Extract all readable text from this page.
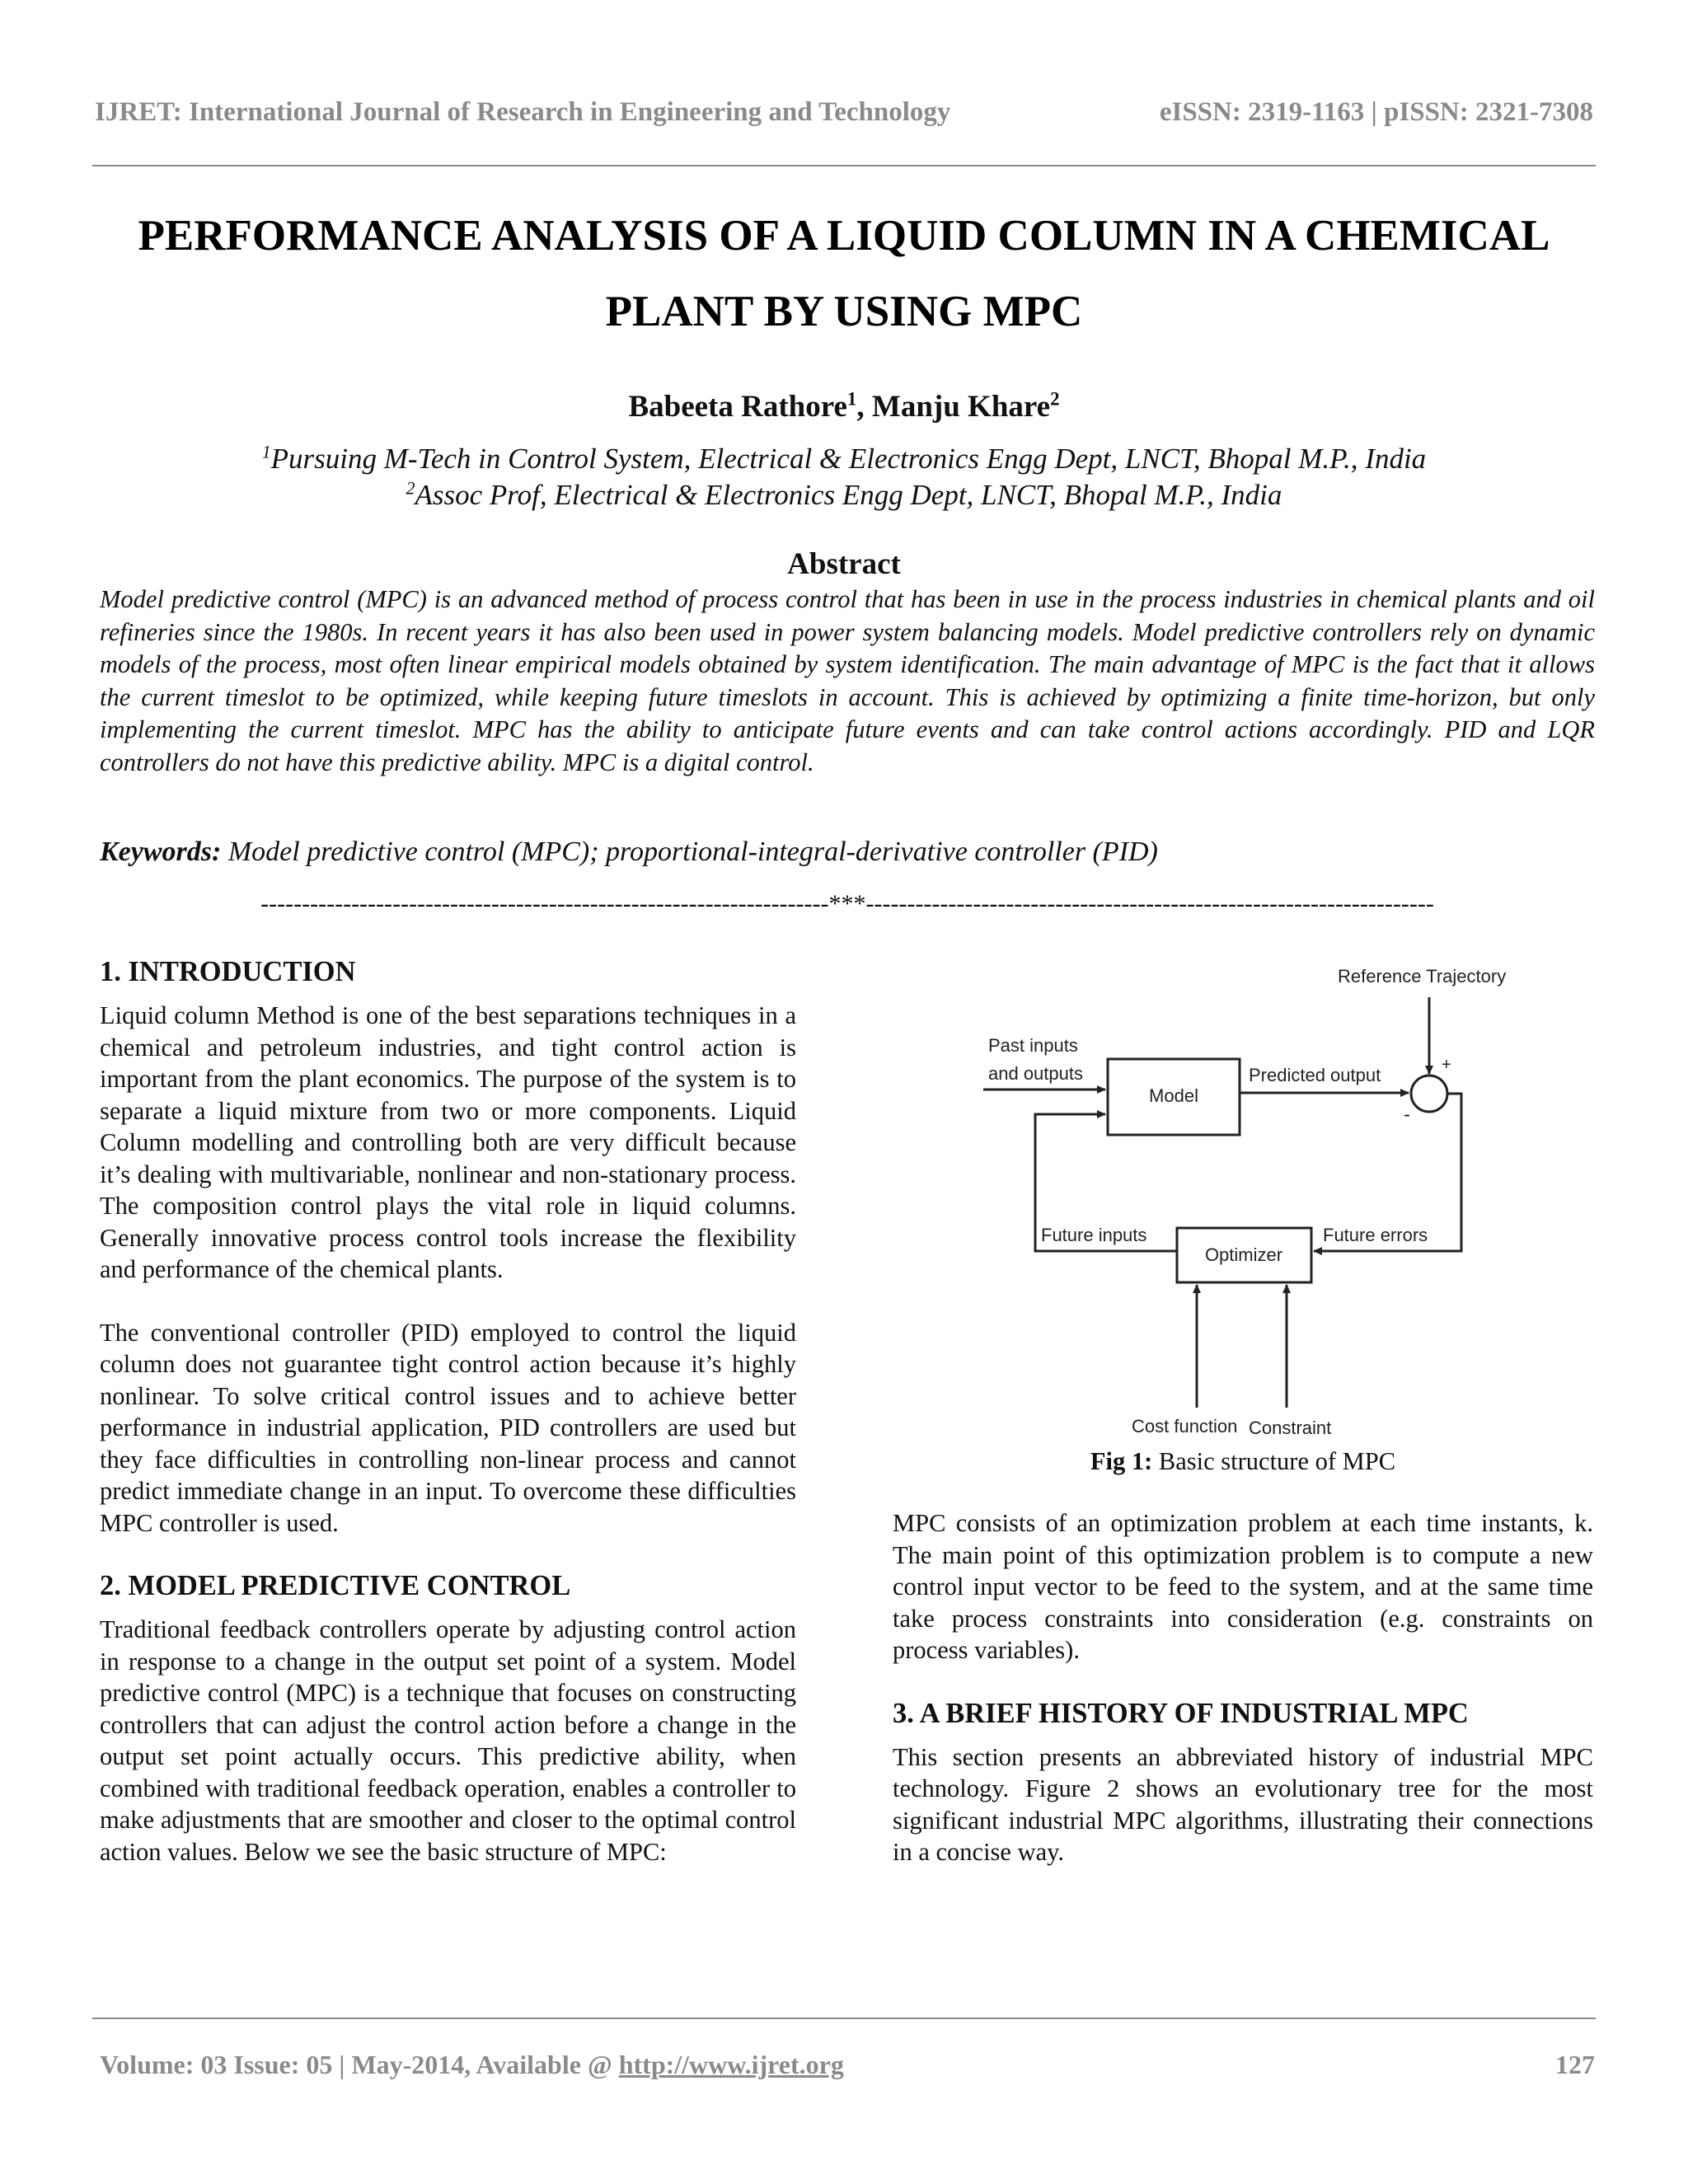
IJRET: International Journal of Research in Engineering and Technology	eISSN: 2319-1163 | pISSN: 2321-7308
PERFORMANCE ANALYSIS OF A LIQUID COLUMN IN A CHEMICAL
PLANT BY USING MPC
Babeeta Rathore$^1$, Manju Khare$^2$
$^1$Pursuing M-Tech in Control System, Electrical & Electronics Engg Dept, LNCT, Bhopal M.P., India
$^2$Assoc Prof, Electrical & Electronics Engg Dept, LNCT, Bhopal M.P., India
Abstract
Model predictive control (MPC) is an advanced method of process control that has been in use in the process industries in chemical plants and oil refineries since the 1980s. In recent years it has also been used in power system balancing models. Model predictive controllers rely on dynamic models of the process, most often linear empirical models obtained by system identification. The main advantage of MPC is the fact that it allows the current timeslot to be optimized, while keeping future timeslots in account. This is achieved by optimizing a finite time-horizon, but only implementing the current timeslot. MPC has the ability to anticipate future events and can take control actions accordingly. PID and LQR controllers do not have this predictive ability. MPC is a digital control.
Keywords: Model predictive control (MPC); proportional-integral-derivative controller (PID)
---------------------------------------------------------------------***---------------------------------------------------------------------
1. INTRODUCTION

Liquid column Method is one of the best separations techniques in a chemical and petroleum industries, and tight control action is important from the plant economics. The purpose of the system is to separate a liquid mixture from two or more components. Liquid Column modelling and controlling both are very difficult because it’s dealing with multivariable, nonlinear and non-stationary process. The composition control plays the vital role in liquid columns. Generally innovative process control tools increase the flexibility and performance of the chemical plants.

The conventional controller (PID) employed to control the liquid column does not guarantee tight control action because it’s highly nonlinear. To solve critical control issues and to achieve better performance in industrial application, PID controllers are used but they face difficulties in controlling non-linear process and cannot predict immediate change in an input. To overcome these difficulties MPC controller is used.

2. MODEL PREDICTIVE CONTROL

Traditional feedback controllers operate by adjusting control action in response to a change in the output set point of a system. Model predictive control (MPC) is a technique that focuses on constructing controllers that can adjust the control action before a change in the output set point actually occurs. This predictive ability, when combined with traditional feedback operation, enables a controller to make adjustments that are smoother and closer to the optimal control action values. Below we see the basic structure of MPC:

Reference Trajectory
Past inputs
and outputs
Model
Predicted output	+
-
Future inputs
Optimizer
Future errors
Cost function Constraint
Fig 1: Basic structure of MPC

MPC consists of an optimization problem at each time instants, k. The main point of this optimization problem is to compute a new control input vector to be feed to the system, and at the same time take process constraints into consideration (e.g. constraints on process variables).

3. A BRIEF HISTORY OF INDUSTRIAL MPC

This section presents an abbreviated history of industrial MPC technology. Figure 2 shows an evolutionary tree for the most significant industrial MPC algorithms, illustrating their connections in a concise way.

Volume: 03 Issue: 05 | May-2014, Available @ http://www.ijret.org	127
